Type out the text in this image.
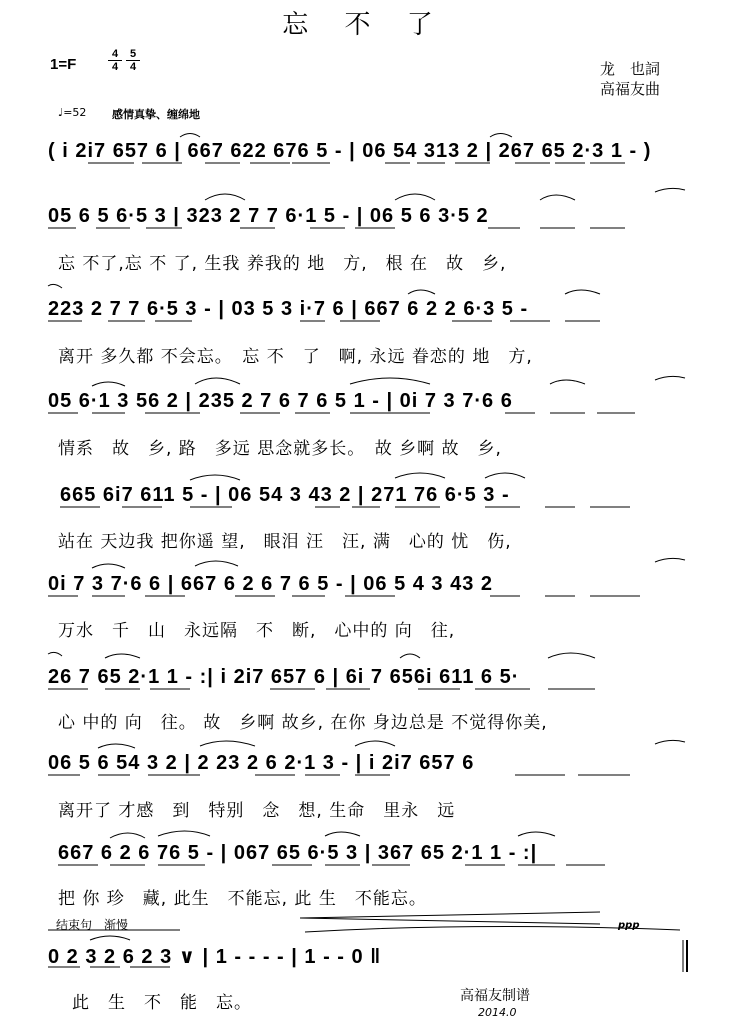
忘 不 了
1=F
4
4
5
4	龙　也詞
高福友曲
♩=52 感情真挚、缠绵地
( i 2i7 657 6 | 667 622 676 5 - | 06 54 313 2 | 267 65 2·3 1 - )
05 6 5 6·5 3 | 323 2 7 7 6·1 5 - | 06 5 6 3·5 2
忘 不了,忘 不 了, 生我 养我的 地　方,　根 在　故　乡,
223 2 7 7 6·5 3 - | 03 5 3 i·7 6 | 667 6 2 2 6·3 5 -
离开 多久都 不会忘。　忘 不　了　啊, 永远 眷恋的 地　方,
05 6·1 3 56 2 | 235 2 7 6 7 6 5 1 - | 0i 7 3 7·6 6
情系　故　乡, 路　多远 思念就多长。　故 乡啊 故　乡,
665 6i7 611 5 - | 06 54 3 43 2 | 271 76 6·5 3 -
站在 天边我 把你遥 望,　眼泪 汪　汪, 满　心的 忧　伤,
0i 7 3 7·6 6 | 667 6 2 6 7 6 5 - | 06 5 4 3 43 2
万水　千　山　永远隔　不　断,　心中的 向　往,
26 7 65 2·1 1 - :| i 2i7 657 6 | 6i 7 656i 611 6 5·
心 中的 向　往。 故　乡啊 故乡, 在你 身边总是 不觉得你美,
06 5 6 54 3 2 | 2 23 2 6 2·1 3 - | i 2i7 657 6
离开了 才感　到　特别　念　想, 生命　里永　远
667 6 2 6 76 5 - | 067 65 6·5 3 | 367 65 2·1 1 - :|
把 你 珍　藏, 此生　不能忘, 此 生　不能忘。
结束句　渐慢	ppp
0 2 3 2 6 2 3 ∨ | 1 - - - - | 1 - - 0 ‖
此　生　不　能　忘。	高福友制谱
2014.0
